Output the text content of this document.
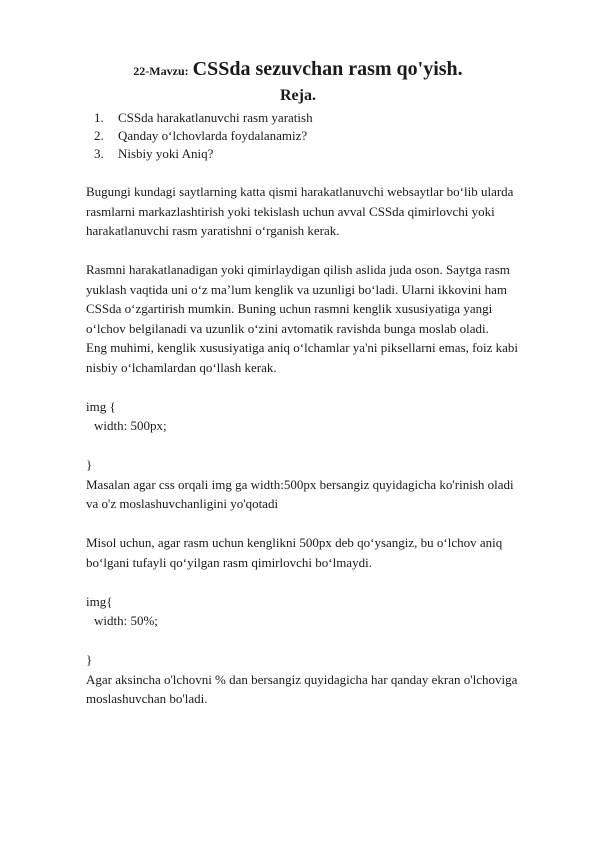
22-Mavzu: CSSda sezuvchan rasm qo'yish.
Reja.
1. CSSda harakatlanuvchi rasm yaratish
2. Qanday o‘lchovlarda foydalanamiz?
3. Nisbiy yoki Aniq?

Bugungi kundagi saytlarning katta qismi harakatlanuvchi websaytlar bo‘lib ularda

rasmlarni markazlashtirish yoki tekislash uchun avval CSSda qimirlovchi yoki

harakatlanuvchi rasm yaratishni o‘rganish kerak.

Rasmni harakatlanadigan yoki qimirlaydigan qilish aslida juda oson. Saytga rasm

yuklash vaqtida uni o‘z ma’lum kenglik va uzunligi bo‘ladi. Ularni ikkovini ham

CSSda o‘zgartirish mumkin. Buning uchun rasmni kenglik xususiyatiga yangi

o‘lchov belgilanadi va uzunlik o‘zini avtomatik ravishda bunga moslab oladi.

Eng muhimi, kenglik xususiyatiga aniq o‘lchamlar ya'ni piksellarni emas, foiz kabi

nisbiy o‘lchamlardan qo‘llash kerak.

img {

width: 500px;

}

Masalan agar css orqali img ga width:500px bersangiz quyidagicha ko'rinish oladi

va o'z moslashuvchanligini yo'qotadi

Misol uchun, agar rasm uchun kenglikni 500px deb qo‘ysangiz, bu o‘lchov aniq

bo‘lgani tufayli qo‘yilgan rasm qimirlovchi bo‘lmaydi.

img{

width: 50%;

}

Agar aksincha o'lchovni % dan bersangiz quyidagicha har qanday ekran o'lchoviga

moslashuvchan bo'ladi.
